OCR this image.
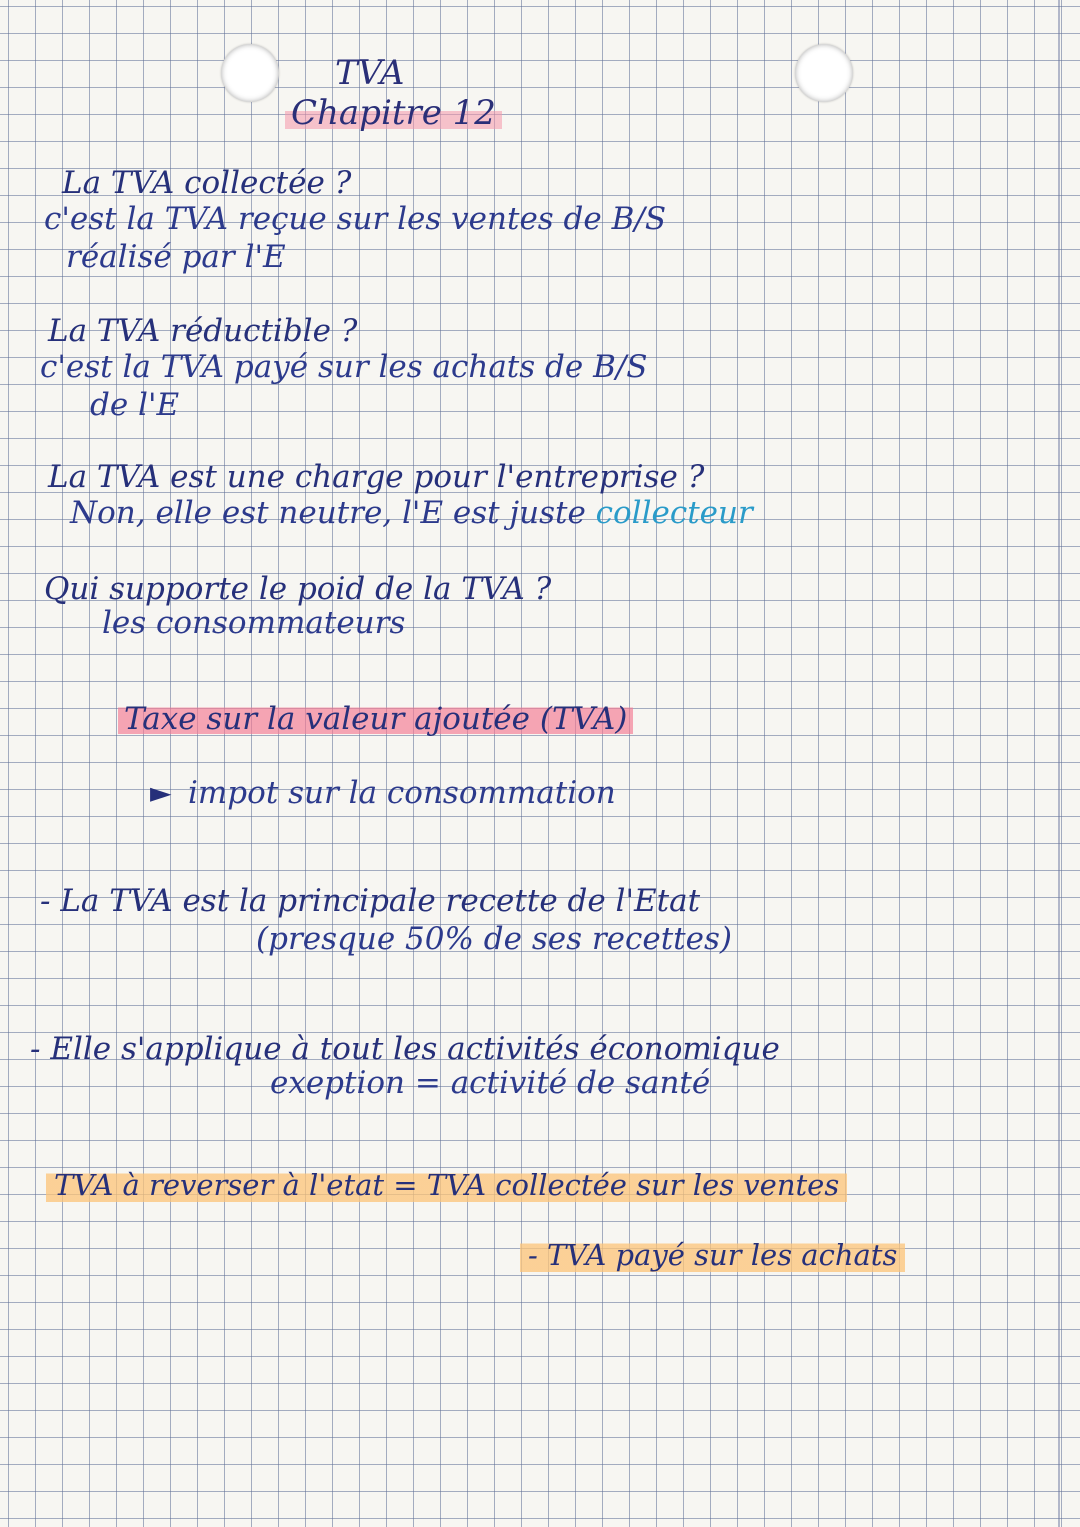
TVA
Chapitre 12
La TVA collectée ?
c'est la TVA reçue sur les ventes de B/S
réalisé par l'E
La TVA réductible ?
c'est la TVA payé sur les achats de B/S
de l'E
La TVA est une charge pour l'entreprise ?
Non, elle est neutre, l'E est juste collecteur
Qui supporte le poid de la TVA ?
les consommateurs
Taxe sur la valeur ajoutée (TVA)
► impot sur la consommation
- La TVA est la principale recette de l'Etat
(presque 50% de ses recettes)
- Elle s'applique à tout les activités économique
exeption = activité de santé
TVA à reverser à l'etat = TVA collectée sur les ventes
- TVA payé sur les achats
